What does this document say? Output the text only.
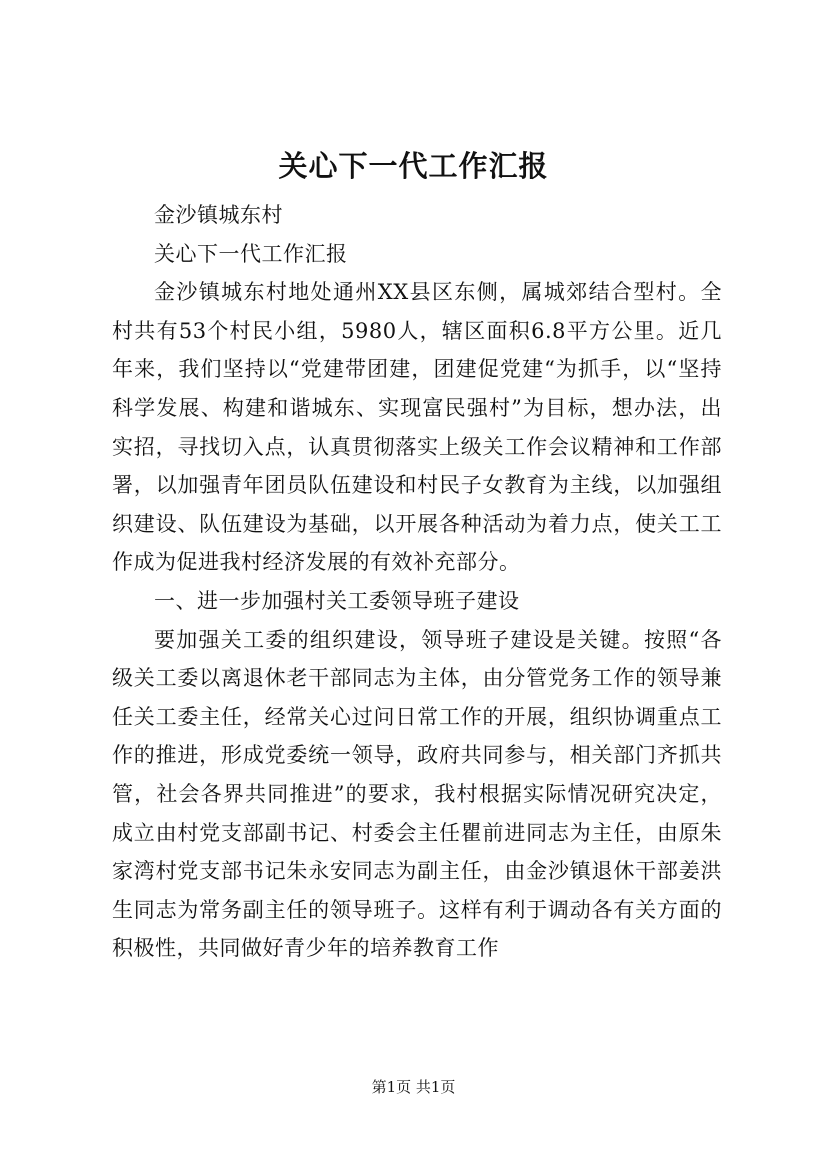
关心下一代工作汇报

金沙镇城东村

关心下一代工作汇报

金沙镇城东村地处通州XX县区东侧，属城郊结合型村。全村共有53个村民小组，5980人，辖区面积6.8平方公里。近几年来，我们坚持以“党建带团建，团建促党建“为抓手，以“坚持科学发展、构建和谐城东、实现富民强村”为目标，想办法，出实招，寻找切入点，认真贯彻落实上级关工作会议精神和工作部署，以加强青年团员队伍建设和村民子女教育为主线，以加强组织建设、队伍建设为基础，以开展各种活动为着力点，使关工工作成为促进我村经济发展的有效补充部分。

一、进一步加强村关工委领导班子建设

要加强关工委的组织建设，领导班子建设是关键。按照“各级关工委以离退休老干部同志为主体，由分管党务工作的领导兼任关工委主任，经常关心过问日常工作的开展，组织协调重点工作的推进，形成党委统一领导，政府共同参与，相关部门齐抓共管，社会各界共同推进”的要求，我村根据实际情况研究决定，成立由村党支部副书记、村委会主任瞿前进同志为主任，由原朱家湾村党支部书记朱永安同志为副主任，由金沙镇退休干部姜洪生同志为常务副主任的领导班子。这样有利于调动各有关方面的积极性，共同做好青少年的培养教育工作

第1页 共1页
